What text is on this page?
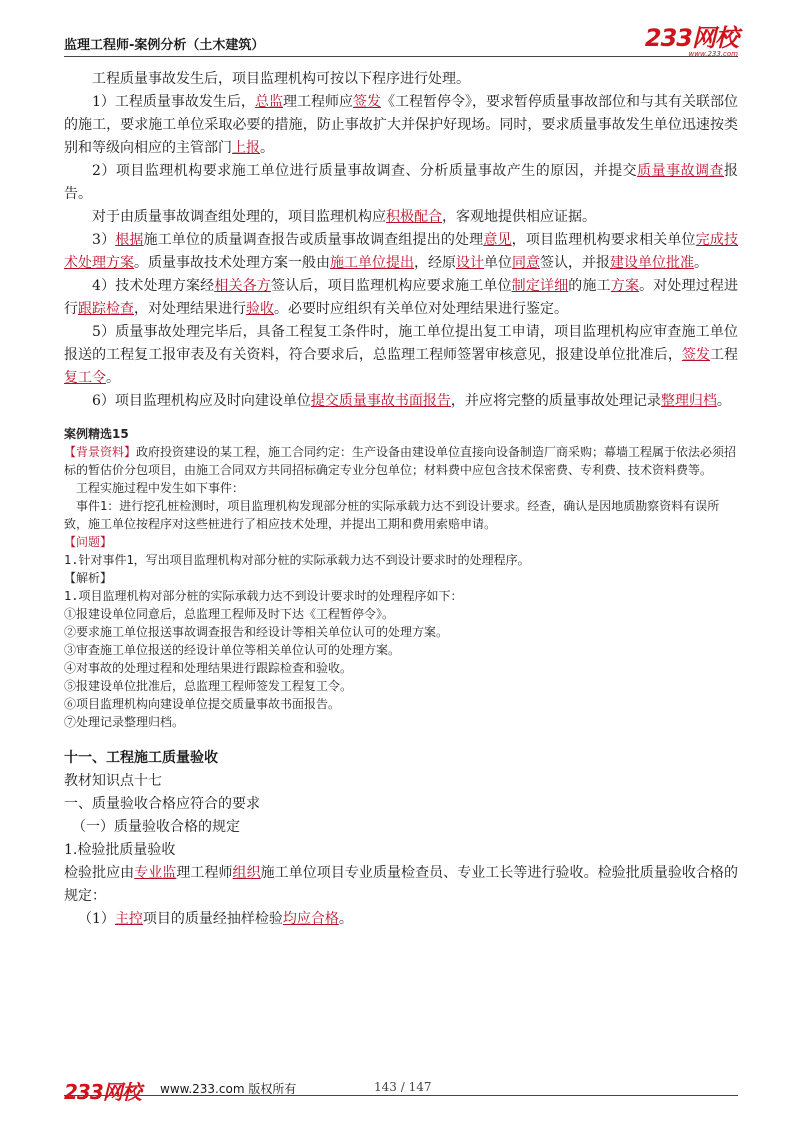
监理工程师-案例分析（土木建筑）	233网校
www.233.com
工程质量事故发生后，项目监理机构可按以下程序进行处理。
1）工程质量事故发生后，总监理工程师应签发《工程暂停令》，要求暂停质量事故部位和与其有关联部位的施工，要求施工单位采取必要的措施，防止事故扩大并保护好现场。同时，要求质量事故发生单位迅速按类别和等级向相应的主管部门上报。
2）项目监理机构要求施工单位进行质量事故调查、分析质量事故产生的原因，并提交质量事故调查报告。
对于由质量事故调查组处理的，项目监理机构应积极配合，客观地提供相应证据。
3）根据施工单位的质量调查报告或质量事故调查组提出的处理意见，项目监理机构要求相关单位完成技术处理方案。质量事故技术处理方案一般由施工单位提出，经原设计单位同意签认，并报建设单位批准。
4）技术处理方案经相关各方签认后，项目监理机构应要求施工单位制定详细的施工方案。对处理过程进行跟踪检查，对处理结果进行验收。必要时应组织有关单位对处理结果进行鉴定。
5）质量事故处理完毕后，具备工程复工条件时，施工单位提出复工申请，项目监理机构应审查施工单位报送的工程复工报审表及有关资料，符合要求后，总监理工程师签署审核意见，报建设单位批准后，签发工程复工令。
6）项目监理机构应及时向建设单位提交质量事故书面报告，并应将完整的质量事故处理记录整理归档。
案例精选15
【背景资料】政府投资建设的某工程，施工合同约定：生产设备由建设单位直接向设备制造厂商采购；幕墙工程属于依法必须招标的暂估价分包项目，由施工合同双方共同招标确定专业分包单位；材料费中应包含技术保密费、专利费、技术资料费等。
工程实施过程中发生如下事件：
事件1：进行挖孔桩检测时，项目监理机构发现部分桩的实际承载力达不到设计要求。经查，确认是因地质勘察资料有误所致，施工单位按程序对这些桩进行了相应技术处理，并提出工期和费用索赔申请。
【问题】
1.针对事件1，写出项目监理机构对部分桩的实际承载力达不到设计要求时的处理程序。
【解析】
1.项目监理机构对部分桩的实际承载力达不到设计要求时的处理程序如下：
①报建设单位同意后，总监理工程师及时下达《工程暂停令》。
②要求施工单位报送事故调查报告和经设计等相关单位认可的处理方案。
③审查施工单位报送的经设计单位等相关单位认可的处理方案。
④对事故的处理过程和处理结果进行跟踪检查和验收。
⑤报建设单位批准后，总监理工程师签发工程复工令。
⑥项目监理机构向建设单位提交质量事故书面报告。
⑦处理记录整理归档。
十一、工程施工质量验收
教材知识点十七
一、质量验收合格应符合的要求
（一）质量验收合格的规定
1.检验批质量验收
检验批应由专业监理工程师组织施工单位项目专业质量检查员、专业工长等进行验收。检验批质量验收合格的规定：
（1）主控项目的质量经抽样检验均应合格。
233网校 www.233.com 版权所有	143 / 147
